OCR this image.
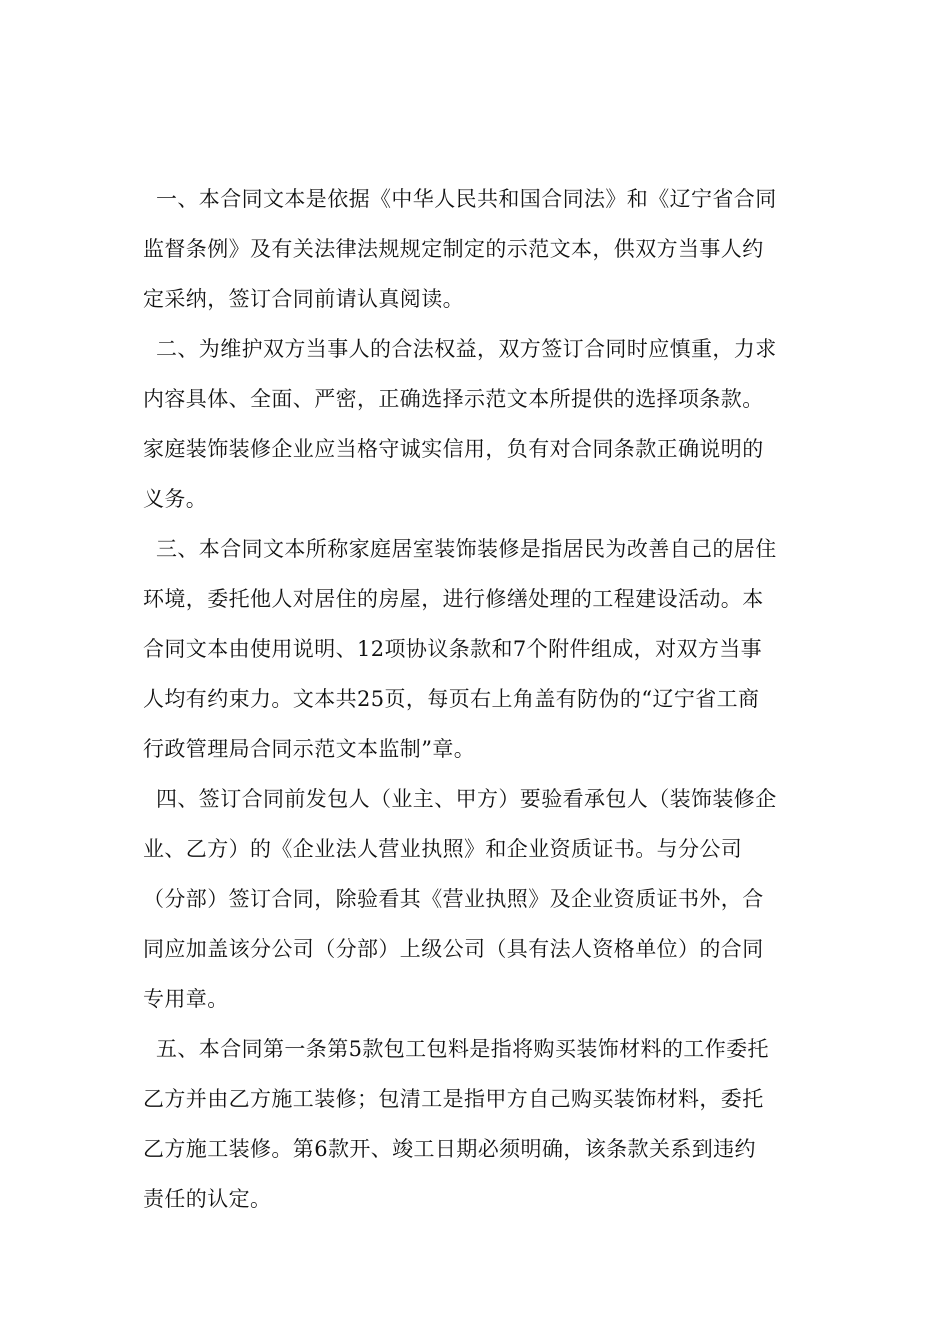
一、本合同文本是依据《中华人民共和国合同法》和《辽宁省合同
监督条例》及有关法律法规规定制定的示范文本，供双方当事人约
定采纳，签订合同前请认真阅读。
二、为维护双方当事人的合法权益，双方签订合同时应慎重，力求
内容具体、全面、严密，正确选择示范文本所提供的选择项条款。
家庭装饰装修企业应当格守诚实信用，负有对合同条款正确说明的
义务。
三、本合同文本所称家庭居室装饰装修是指居民为改善自己的居住
环境，委托他人对居住的房屋，进行修缮处理的工程建设活动。本
合同文本由使用说明、12项协议条款和7个附件组成，对双方当事
人均有约束力。文本共25页，每页右上角盖有防伪的“辽宁省工商
行政管理局合同示范文本监制”章。
四、签订合同前发包人（业主、甲方）要验看承包人（装饰装修企
业、乙方）的《企业法人营业执照》和企业资质证书。与分公司
（分部）签订合同，除验看其《营业执照》及企业资质证书外，合
同应加盖该分公司（分部）上级公司（具有法人资格单位）的合同
专用章。
五、本合同第一条第5款包工包料是指将购买装饰材料的工作委托
乙方并由乙方施工装修；包清工是指甲方自己购买装饰材料，委托
乙方施工装修。第6款开、竣工日期必须明确，该条款关系到违约
责任的认定。
